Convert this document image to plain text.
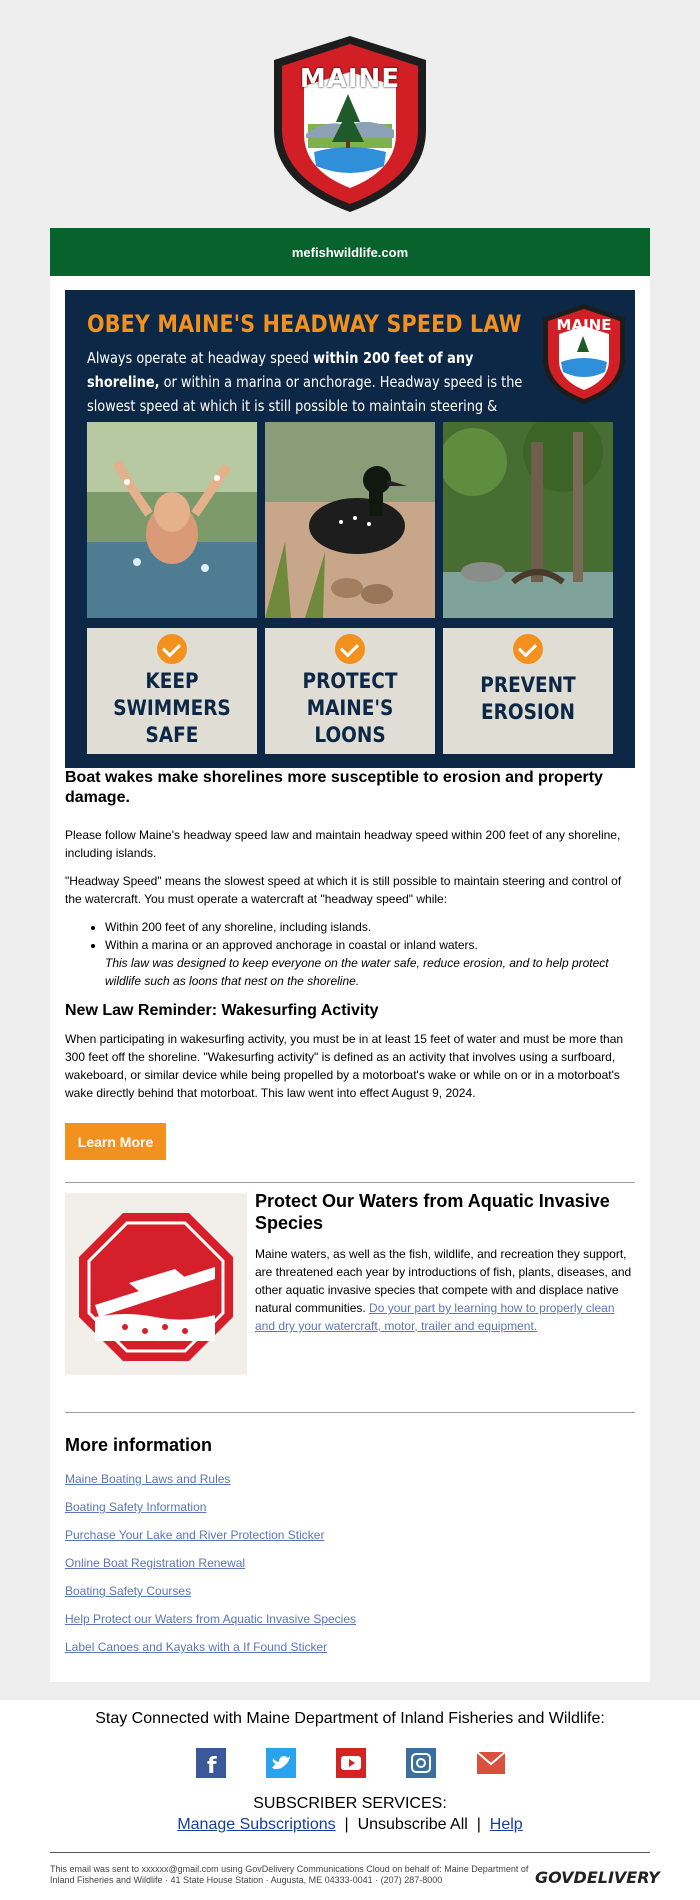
MAINE
mefishwildlife.com
OBEY MAINE'S HEADWAY SPEED LAW
Always operate at headway speed within 200 feet of any shoreline, or within a marina or anchorage. Headway speed is the slowest speed at which it is still possible to maintain steering &
MAINE
KEEP
SWIMMERS
SAFE
PROTECT
MAINE'S
LOONS
PREVENT
EROSION
Boat wakes make shorelines more susceptible to erosion and property damage.

Please follow Maine's headway speed law and maintain headway speed within 200 feet of any shoreline, including islands.

"Headway Speed" means the slowest speed at which it is still possible to maintain steering and control of the watercraft. You must operate a watercraft at "headway speed" while:

• Within 200 feet of any shoreline, including islands.
• Within a marina or an approved anchorage in coastal or inland waters.
This law was designed to keep everyone on the water safe, reduce erosion, and to help protect wildlife such as loons that nest on the shoreline.
New Law Reminder: Wakesurfing Activity

When participating in wakesurfing activity, you must be in at least 15 feet of water and must be more than 300 feet off the shoreline. "Wakesurfing activity" is defined as an activity that involves using a surfboard, wakeboard, or similar device while being propelled by a motorboat's wake or while on or in a motorboat's wake directly behind that motorboat. This law went into effect August 9, 2024.

Learn More
Protect Our Waters from Aquatic Invasive Species
Maine waters, as well as the fish, wildlife, and recreation they support, are threatened each year by introductions of fish, plants, diseases, and other aquatic invasive species that compete with and displace native natural communities. Do your part by learning how to properly clean and dry your watercraft, motor, trailer and equipment.
More information
Maine Boating Laws and Rules
Boating Safety Information
Purchase Your Lake and River Protection Sticker
Online Boat Registration Renewal
Boating Safety Courses
Help Protect our Waters from Aquatic Invasive Species
Label Canoes and Kayaks with a If Found Sticker
Stay Connected with Maine Department of Inland Fisheries and Wildlife:
f
SUBSCRIBER SERVICES:
Manage Subscriptions | Unsubscribe All | Help
This email was sent to xxxxxx@gmail.com using GovDelivery Communications Cloud on behalf of: Maine Department of Inland Fisheries and Wildlife · 41 State House Station · Augusta, ME 04333-0041 · (207) 287-8000	GOVDELIVERY
